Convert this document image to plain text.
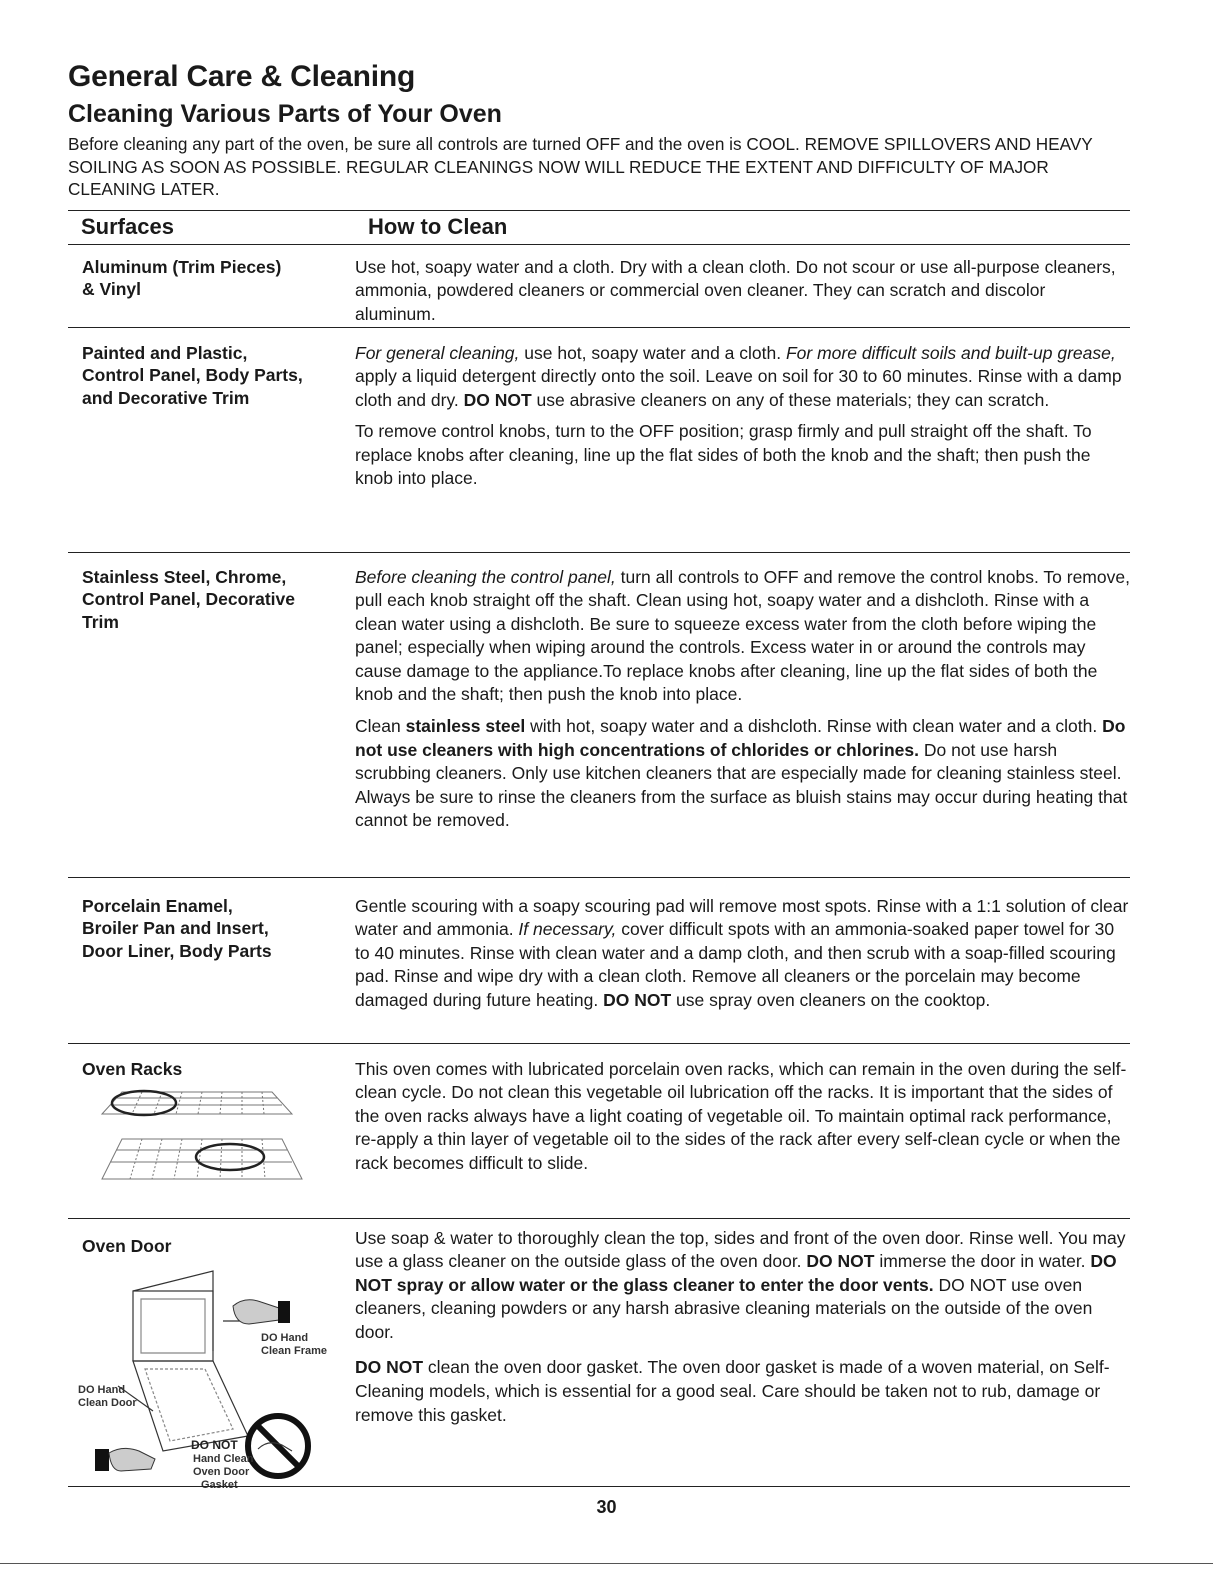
General Care & Cleaning
Cleaning Various Parts of Your Oven

Before cleaning any part of the oven, be sure all controls are turned OFF and the oven is COOL. REMOVE SPILLOVERS AND HEAVY SOILING AS SOON AS POSSIBLE. REGULAR CLEANINGS NOW WILL REDUCE THE EXTENT AND DIFFICULTY OF MAJOR CLEANING LATER.

Surfaces	How to Clean
Aluminum (Trim Pieces)
& Vinyl

Use hot, soapy water and a cloth. Dry with a clean cloth. Do not scour or use all-purpose cleaners, ammonia, powdered cleaners or commercial oven cleaner. They can scratch and discolor aluminum.

Painted and Plastic,
Control Panel, Body Parts,
and Decorative Trim

For general cleaning, use hot, soapy water and a cloth. For more difficult soils and built-up grease, apply a liquid detergent directly onto the soil. Leave on soil for 30 to 60 minutes. Rinse with a damp cloth and dry. DO NOT use abrasive cleaners on any of these materials; they can scratch.

To remove control knobs, turn to the OFF position; grasp firmly and pull straight off the shaft. To replace knobs after cleaning, line up the flat sides of both the knob and the shaft; then push the knob into place.

Stainless Steel, Chrome,
Control Panel, Decorative
Trim

Before cleaning the control panel, turn all controls to OFF and remove the control knobs. To remove, pull each knob straight off the shaft. Clean using hot, soapy water and a dishcloth. Rinse with a clean water using a dishcloth. Be sure to squeeze excess water from the cloth before wiping the panel; especially when wiping around the controls. Excess water in or around the controls may cause damage to the appliance.To replace knobs after cleaning, line up the flat sides of both the knob and the shaft; then push the knob into place.

Clean stainless steel with hot, soapy water and a dishcloth. Rinse with clean water and a cloth. Do not use cleaners with high concentrations of chlorides or chlorines. Do not use harsh scrubbing cleaners. Only use kitchen cleaners that are especially made for cleaning stainless steel. Always be sure to rinse the cleaners from the surface as bluish stains may occur during heating that cannot be removed.

Porcelain Enamel,
Broiler Pan and Insert,
Door Liner, Body Parts

Gentle scouring with a soapy scouring pad will remove most spots. Rinse with a 1:1 solution of clear water and ammonia. If necessary, cover difficult spots with an ammonia-soaked paper towel for 30 to 40 minutes. Rinse with clean water and a damp cloth, and then scrub with a soap-filled scouring pad. Rinse and wipe dry with a clean cloth. Remove all cleaners or the porcelain may become damaged during future heating. DO NOT use spray oven cleaners on the cooktop.

Oven Racks	This oven comes with lubricated porcelain oven racks, which can remain in the oven during the self-clean cycle. Do not clean this vegetable oil lubrication off the racks. It is important that the sides of the oven racks always have a light coating of vegetable oil. To maintain optimal rack performance, re-apply a thin layer of vegetable oil to the sides of the rack after every self-clean cycle or when the rack becomes difficult to slide.

Oven Door
DO Hand
Clean Frame
DO Hand
Clean Door
DO NOT
Hand Clean
Oven Door
Gasket

Use soap & water to thoroughly clean the top, sides and front of the oven door. Rinse well. You may use a glass cleaner on the outside glass of the oven door. DO NOT immerse the door in water. DO NOT spray or allow water or the glass cleaner to enter the door vents. DO NOT use oven cleaners, cleaning powders or any harsh abrasive cleaning materials on the outside of the oven door.

DO NOT clean the oven door gasket. The oven door gasket is made of a woven material, on Self-Cleaning models, which is essential for a good seal. Care should be taken not to rub, damage or remove this gasket.

30
